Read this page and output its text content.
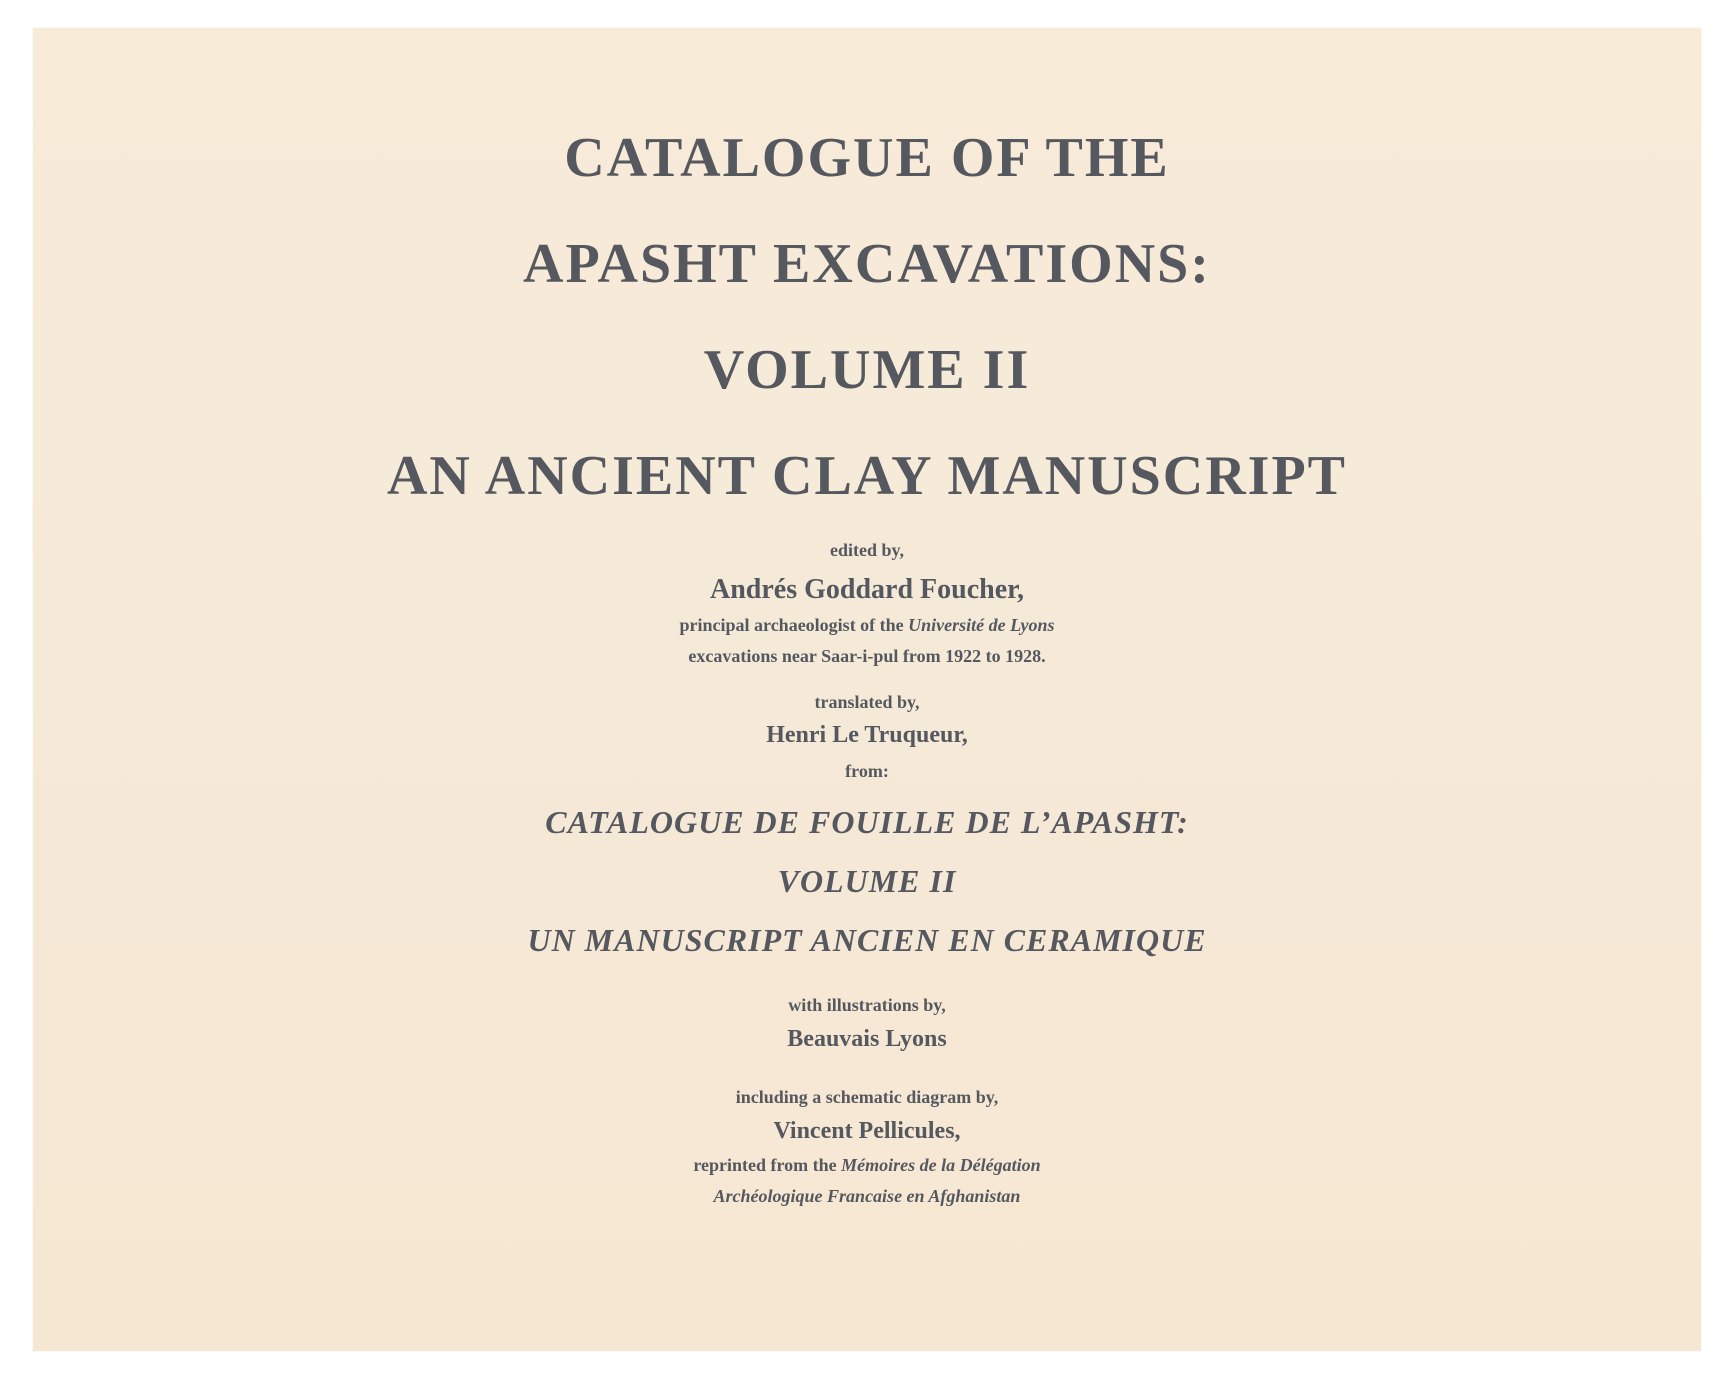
CATALOGUE OF THE
APASHT EXCAVATIONS:
VOLUME II
AN ANCIENT CLAY MANUSCRIPT
edited by,
Andrés Goddard Foucher,
principal archaeologist of the Université de Lyons
excavations near Saar-i-pul from 1922 to 1928.
translated by,
Henri Le Truqueur,
from:
CATALOGUE DE FOUILLE DE L’APASHT:
VOLUME II
UN MANUSCRIPT ANCIEN EN CERAMIQUE
with illustrations by,
Beauvais Lyons
including a schematic diagram by,
Vincent Pellicules,
reprinted from the Mémoires de la Délégation
Archéologique Francaise en Afghanistan
